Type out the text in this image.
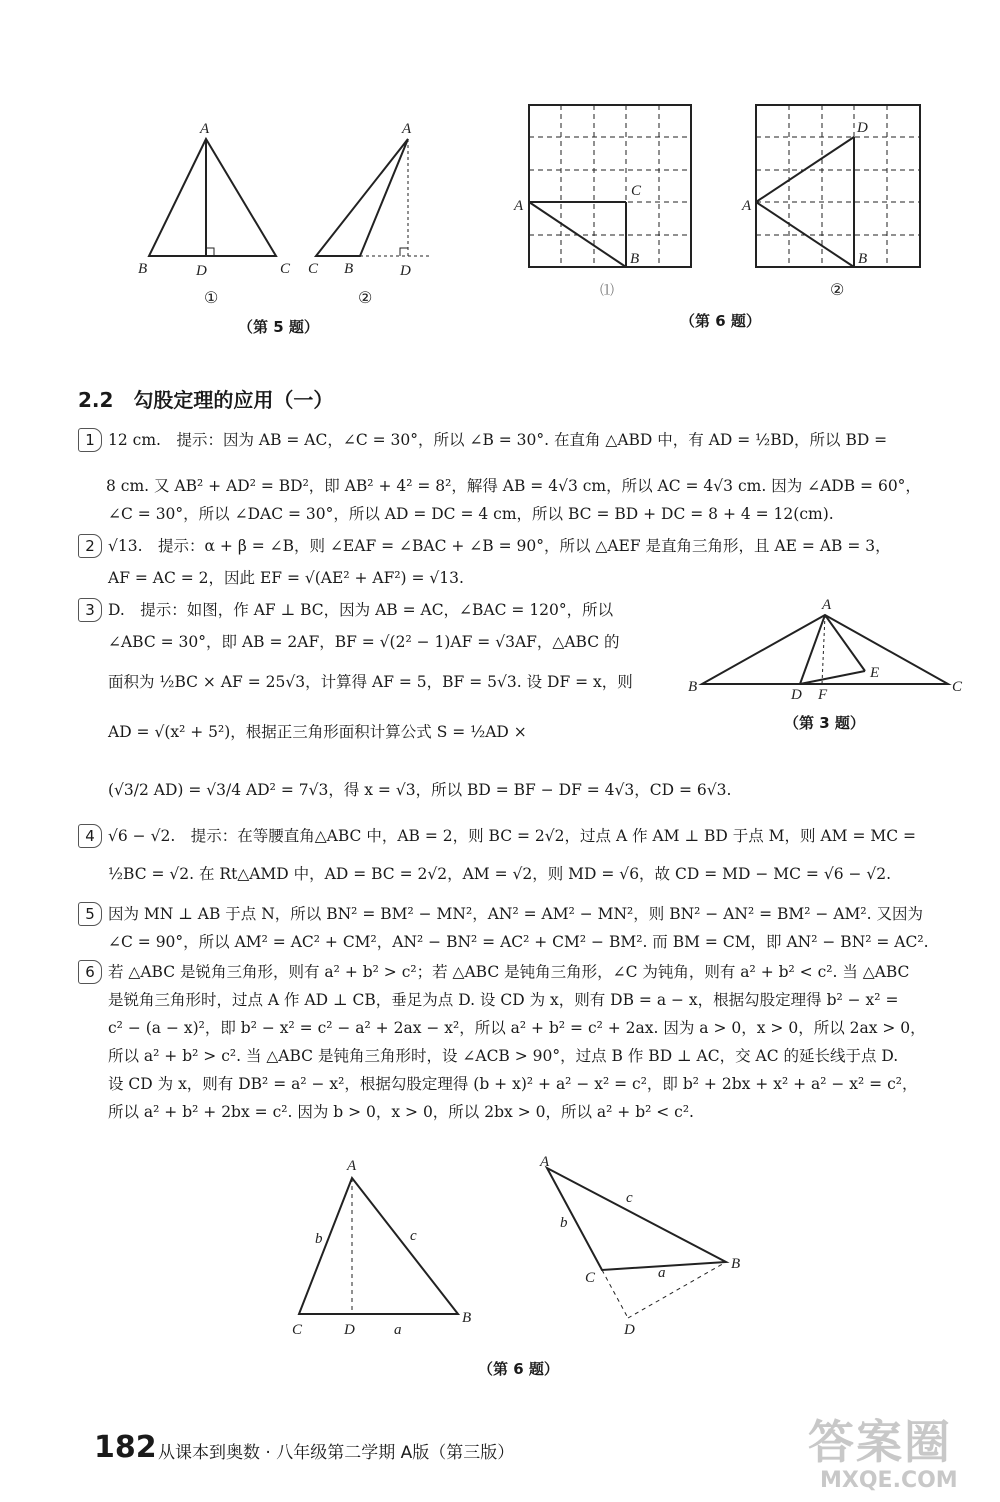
A
B	D	C
A
C B	D
①	②
（第 5 题）
A
C
B
A
D
B
⑴	②
（第 6 题）
2.2　勾股定理的应用（一）
1 12 cm.　提示：因为 AB = AC，∠C = 30°，所以 ∠B = 30°. 在直角 △ABD 中，有 AD = ½BD，所以 BD =
8 cm. 又 AB² + AD² = BD²，即 AB² + 4² = 8²，解得 AB = 4√3 cm，所以 AC = 4√3 cm. 因为 ∠ADB = 60°，
∠C = 30°，所以 ∠DAC = 30°，所以 AD = DC = 4 cm，所以 BC = BD + DC = 8 + 4 = 12(cm).
2 √13.　提示：α + β = ∠B，则 ∠EAF = ∠BAC + ∠B = 90°，所以 △AEF 是直角三角形，且 AE = AB = 3，
AF = AC = 2，因此 EF = √(AE² + AF²) = √13.
3 D.　提示：如图，作 AF ⊥ BC，因为 AB = AC，∠BAC = 120°，所以
∠ABC = 30°，即 AB = 2AF，BF = √(2² − 1)AF = √3AF，△ABC 的
面积为 ½BC × AF = 25√3，计算得 AF = 5，BF = 5√3. 设 DF = x，则
AD = √(x² + 5²)，根据正三角形面积计算公式 S = ½AD ×
(√3/2 AD) = √3/4 AD² = 7√3，得 x = √3，所以 BD = BF − DF = 4√3，CD = 6√3.
A
B	C
D F
E
（第 3 题）
4 √6 − √2.　提示：在等腰直角△ABC 中，AB = 2，则 BC = 2√2，过点 A 作 AM ⊥ BD 于点 M，则 AM = MC =
½BC = √2. 在 Rt△AMD 中，AD = BC = 2√2，AM = √2，则 MD = √6，故 CD = MD − MC = √6 − √2.
5 因为 MN ⊥ AB 于点 N，所以 BN² = BM² − MN²，AN² = AM² − MN²，则 BN² − AN² = BM² − AM². 又因为
∠C = 90°，所以 AM² = AC² + CM²，AN² − BN² = AC² + CM² − BM². 而 BM = CM，即 AN² − BN² = AC².
6 若 △ABC 是锐角三角形，则有 a² + b² > c²；若 △ABC 是钝角三角形，∠C 为钝角，则有 a² + b² < c². 当 △ABC
是锐角三角形时，过点 A 作 AD ⊥ CB，垂足为点 D. 设 CD 为 x，则有 DB = a − x，根据勾股定理得 b² − x² =
c² − (a − x)²，即 b² − x² = c² − a² + 2ax − x²，所以 a² + b² = c² + 2ax. 因为 a > 0，x > 0，所以 2ax > 0，
所以 a² + b² > c². 当 △ABC 是钝角三角形时，设 ∠ACB > 90°，过点 B 作 BD ⊥ AC，交 AC 的延长线于点 D.
设 CD 为 x，则有 DB² = a² − x²，根据勾股定理得 (b + x)² + a² − x² = c²，即 b² + 2bx + x² + a² − x² = c²，
所以 a² + b² + 2bx = c². 因为 b > 0，x > 0，所以 2bx > 0，所以 a² + b² < c².
A
b	c
C	D	a
B
A
c
b
C	a
B
D
（第 6 题）
182 从课本到奥数 · 八年级第二学期 A版（第三版）	答案圈
MXQE.COM
